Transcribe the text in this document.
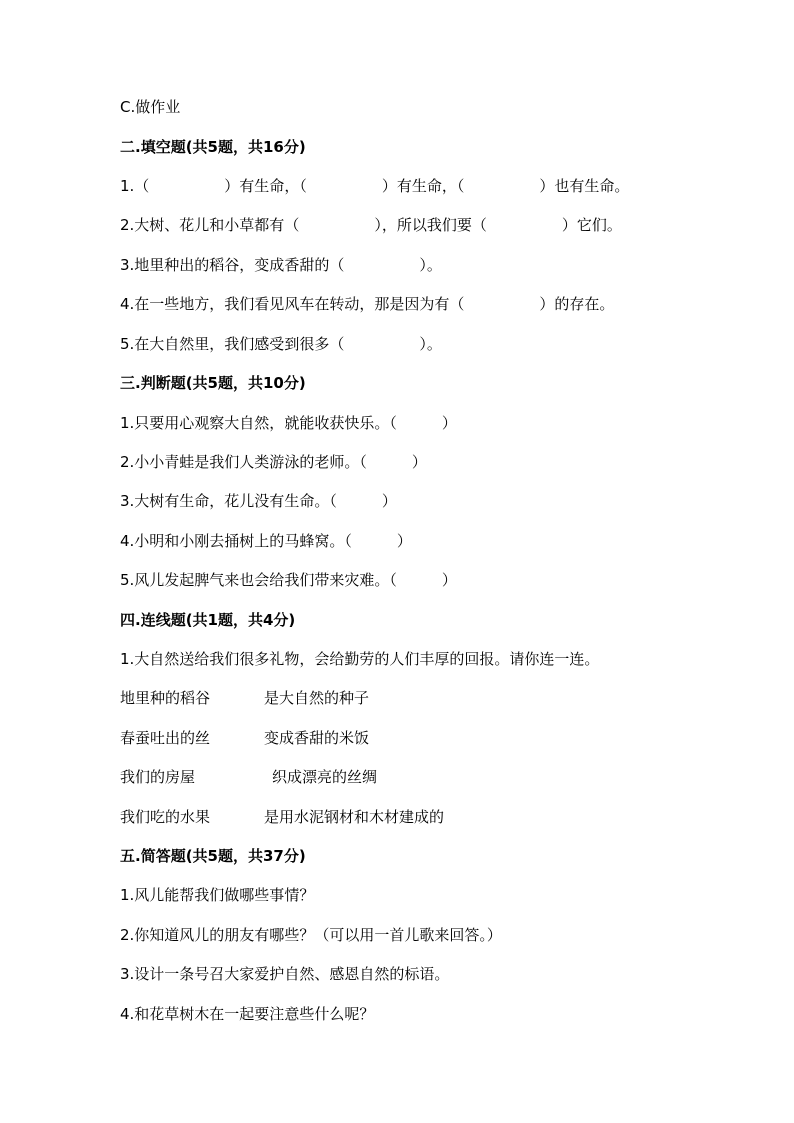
C.做作业
二.填空题(共5题，共16分)
1.（　　　　　）有生命，（　　　　　）有生命，（　　　　　）也有生命。
2.大树、花儿和小草都有（　　　　　），所以我们要（　　　　　）它们。
3.地里种出的稻谷，变成香甜的（　　　　　）。
4.在一些地方，我们看见风车在转动，那是因为有（　　　　　）的存在。
5.在大自然里，我们感受到很多（　　　　　）。
三.判断题(共5题，共10分)
1.只要用心观察大自然，就能收获快乐。（　　　）
2.小小青蛙是我们人类游泳的老师。（　　　）
3.大树有生命，花儿没有生命。（　　　）
4.小明和小刚去捅树上的马蜂窝。（　　　）
5.风儿发起脾气来也会给我们带来灾难。（　　　）
四.连线题(共1题，共4分)
1.大自然送给我们很多礼物，会给勤劳的人们丰厚的回报。请你连一连。
地里种的稻谷	是大自然的种子
春蚕吐出的丝	变成香甜的米饭
我们的房屋	织成漂亮的丝绸
我们吃的水果	是用水泥钢材和木材建成的
五.简答题(共5题，共37分)
1.风儿能帮我们做哪些事情？
2.你知道风儿的朋友有哪些？（可以用一首儿歌来回答。）
3.设计一条号召大家爱护自然、感恩自然的标语。
4.和花草树木在一起要注意些什么呢？
